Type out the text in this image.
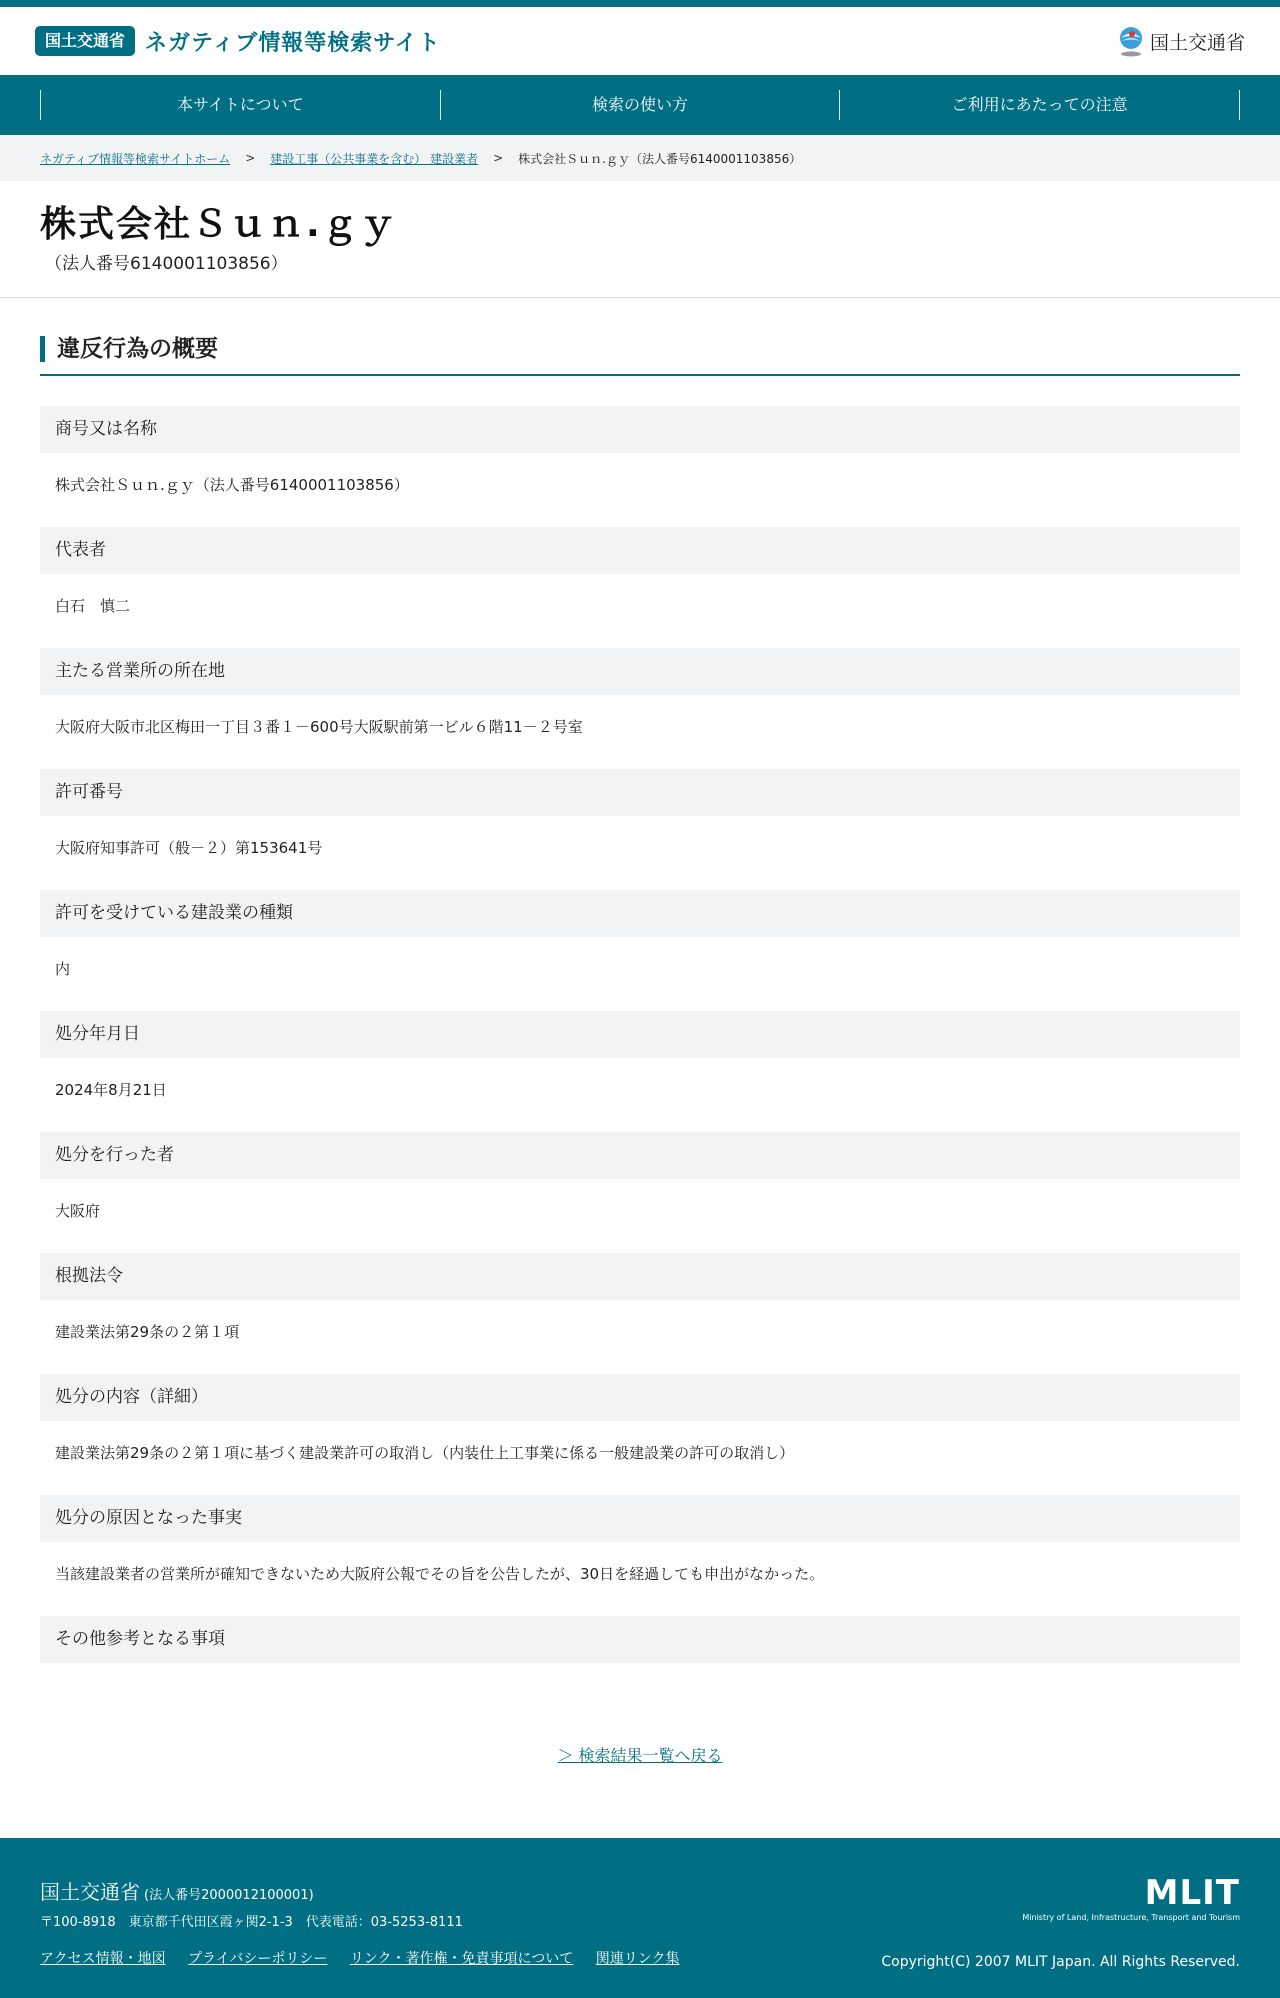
国土交通省 ネガティブ情報等検索サイト	国土交通省
本サイトについて	検索の使い方	ご利用にあたっての注意
ネガティブ情報等検索サイトホーム > 建設工事（公共事業を含む） 建設業者 > 株式会社Ｓｕｎ.ｇｙ（法人番号6140001103856）
株式会社Ｓｕｎ.ｇｙ
（法人番号6140001103856）
違反行為の概要
商号又は名称
株式会社Ｓｕｎ.ｇｙ（法人番号6140001103856）
代表者
白石　慎二
主たる営業所の所在地
大阪府大阪市北区梅田一丁目３番１－600号大阪駅前第一ビル６階11－２号室
許可番号
大阪府知事許可（般－２）第153641号
許可を受けている建設業の種類
内
処分年月日
2024年8月21日
処分を行った者
大阪府
根拠法令
建設業法第29条の２第１項
処分の内容（詳細）
建設業法第29条の２第１項に基づく建設業許可の取消し（内装仕上工事業に係る一般建設業の許可の取消し）
処分の原因となった事実
当該建設業者の営業所が確知できないため大阪府公報でその旨を公告したが、30日を経過しても申出がなかった。
その他参考となる事項
＞ 検索結果一覧へ戻る
国土交通省 (法人番号2000012100001)
〒100-8918　東京都千代田区霞ヶ関2-1-3　代表電話：03-5253-8111
アクセス情報・地図 プライバシーポリシー リンク・著作権・免責事項について 関連リンク集
MLIT
Ministry of Land, Infrastructure, Transport and Tourism
Copyright(C) 2007 MLIT Japan. All Rights Reserved.
